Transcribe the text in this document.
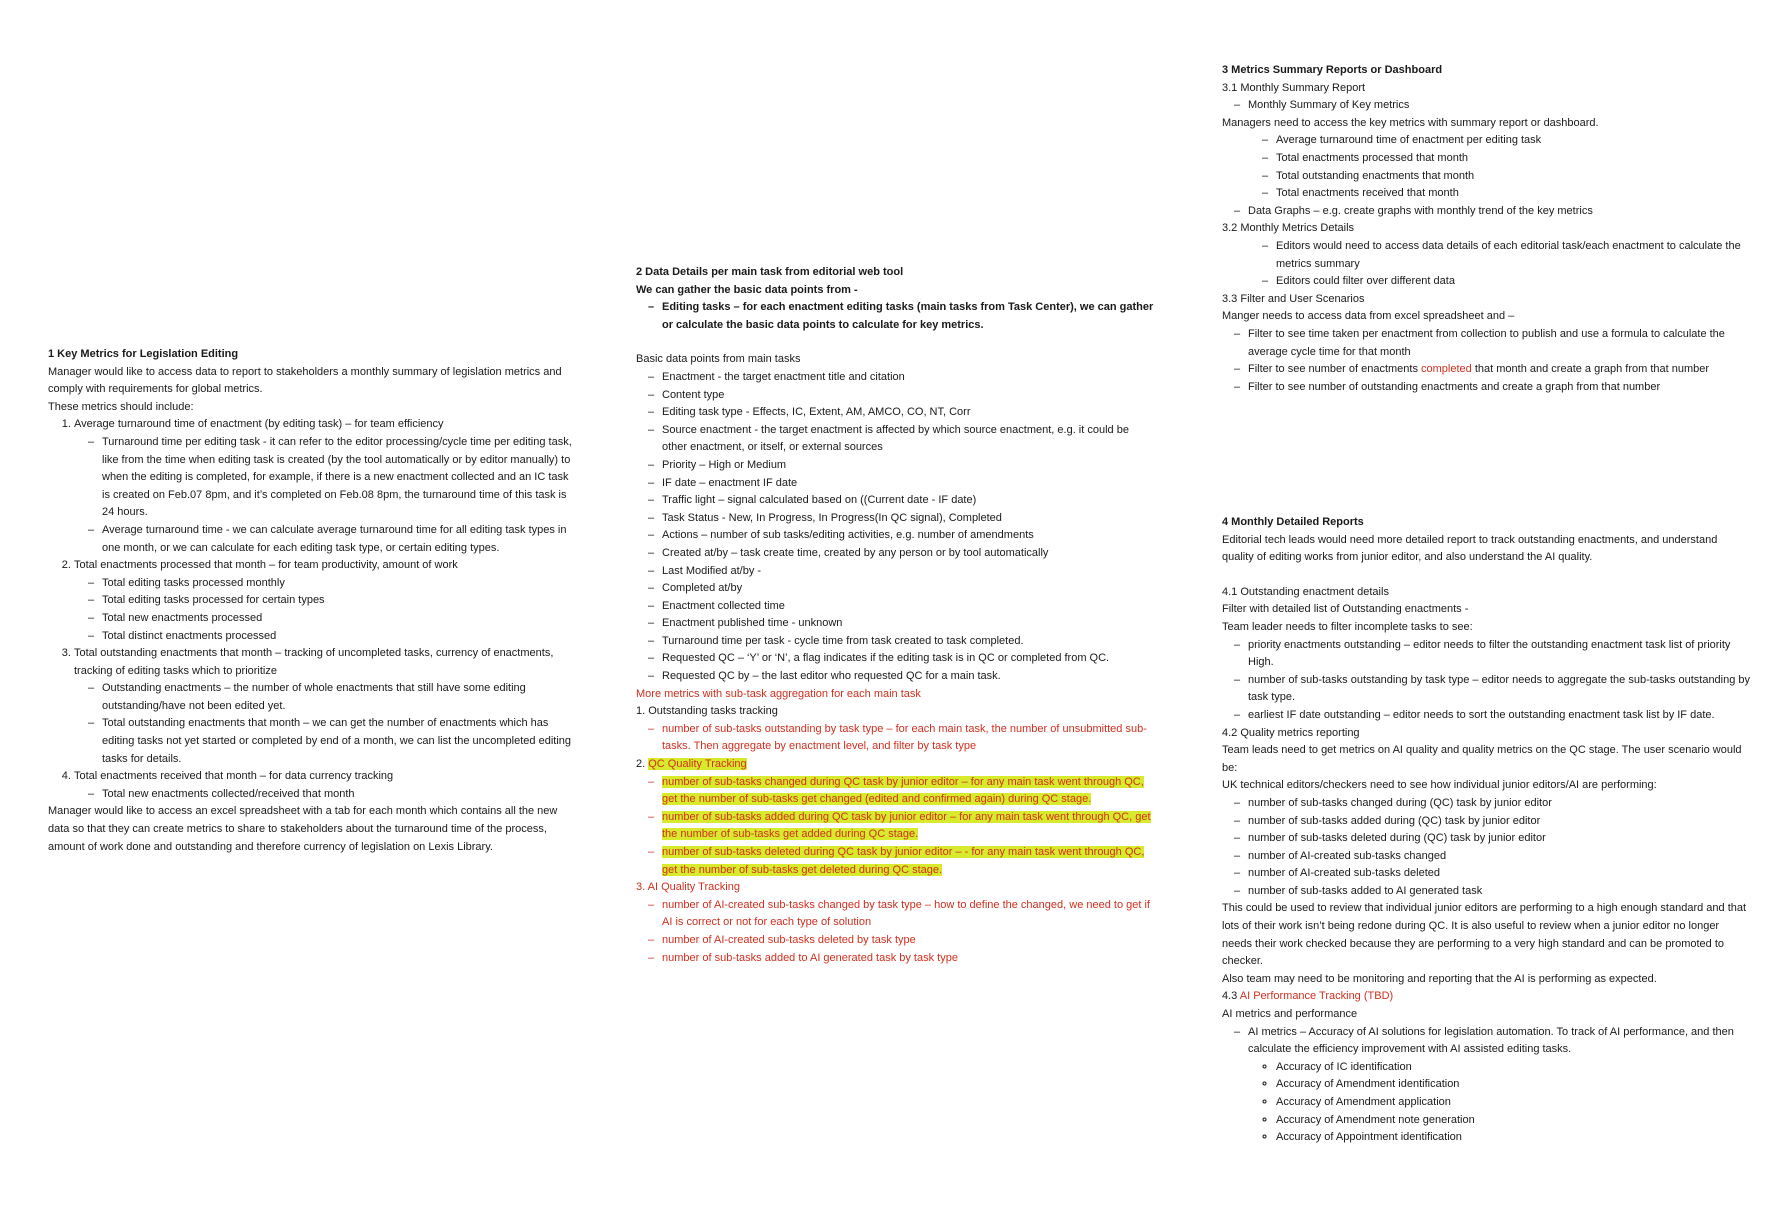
1 Key Metrics for Legislation Editing

Manager would like to access data to report to stakeholders a monthly summary of legislation metrics and comply with requirements for global metrics.

These metrics should include:

1. Average turnaround time of enactment (by editing task) – for team efficiency
– Turnaround time per editing task - it can refer to the editor processing/cycle time per editing task, like from the time when editing task is created (by the tool automatically or by editor manually) to when the editing is completed, for example, if there is a new enactment collected and an IC task is created on Feb.07 8pm, and it’s completed on Feb.08 8pm, the turnaround time of this task is 24 hours.
– Average turnaround time - we can calculate average turnaround time for all editing task types in one month, or we can calculate for each editing task type, or certain editing types.
2. Total enactments processed that month – for team productivity, amount of work
– Total editing tasks processed monthly
– Total editing tasks processed for certain types
– Total new enactments processed
– Total distinct enactments processed
3. Total outstanding enactments that month – tracking of uncompleted tasks, currency of enactments, tracking of editing tasks which to prioritize
– Outstanding enactments – the number of whole enactments that still have some editing outstanding/have not been edited yet.
– Total outstanding enactments that month – we can get the number of enactments which has editing tasks not yet started or completed by end of a month, we can list the uncompleted editing tasks for details.
4. Total enactments received that month – for data currency tracking
– Total new enactments collected/received that month

Manager would like to access an excel spreadsheet with a tab for each month which contains all the new data so that they can create metrics to share to stakeholders about the turnaround time of the process, amount of work done and outstanding and therefore currency of legislation on Lexis Library.

2 Data Details per main task from editorial web tool
We can gather the basic data points from -
– Editing tasks – for each enactment editing tasks (main tasks from Task Center), we can gather or calculate the basic data points to calculate for key metrics.

Basic data points from main tasks

– Enactment - the target enactment title and citation
– Content type
– Editing task type - Effects, IC, Extent, AM, AMCO, CO, NT, Corr
– Source enactment - the target enactment is affected by which source enactment, e.g. it could be other enactment, or itself, or external sources
– Priority – High or Medium
– IF date – enactment IF date
– Traffic light – signal calculated based on ((Current date - IF date)
– Task Status - New, In Progress, In Progress(In QC signal), Completed
– Actions – number of sub tasks/editing activities, e.g. number of amendments
– Created at/by – task create time, created by any person or by tool automatically
– Last Modified at/by -
– Completed at/by
– Enactment collected time
– Enactment published time - unknown
– Turnaround time per task - cycle time from task created to task completed.
– Requested QC – ‘Y’ or ‘N’, a flag indicates if the editing task is in QC or completed from QC.
– Requested QC by – the last editor who requested QC for a main task.

More metrics with sub-task aggregation for each main task

1. Outstanding tasks tracking

– number of sub-tasks outstanding by task type – for each main task, the number of unsubmitted sub-tasks. Then aggregate by enactment level, and filter by task type

2. QC Quality Tracking

– number of sub-tasks changed during QC task by junior editor – for any main task went through QC, get the number of sub-tasks get changed (edited and confirmed again) during QC stage.
– number of sub-tasks added during QC task by junior editor – for any main task went through QC, get the number of sub-tasks get added during QC stage.
– number of sub-tasks deleted during QC task by junior editor – - for any main task went through QC, get the number of sub-tasks get deleted during QC stage.

3. AI Quality Tracking

– number of AI-created sub-tasks changed by task type – how to define the changed, we need to get if AI is correct or not for each type of solution
– number of AI-created sub-tasks deleted by task type
– number of sub-tasks added to AI generated task by task type
3 Metrics Summary Reports or Dashboard

3.1 Monthly Summary Report

– Monthly Summary of Key metrics

Managers need to access the key metrics with summary report or dashboard.

– Average turnaround time of enactment per editing task
– Total enactments processed that month
– Total outstanding enactments that month
– Total enactments received that month
– Data Graphs – e.g. create graphs with monthly trend of the key metrics

3.2 Monthly Metrics Details

– Editors would need to access data details of each editorial task/each enactment to calculate the metrics summary
– Editors could filter over different data

3.3 Filter and User Scenarios

Manger needs to access data from excel spreadsheet and –

– Filter to see time taken per enactment from collection to publish and use a formula to calculate the average cycle time for that month
– Filter to see number of enactments completed that month and create a graph from that number
– Filter to see number of outstanding enactments and create a graph from that number
4 Monthly Detailed Reports

Editorial tech leads would need more detailed report to track outstanding enactments, and understand quality of editing works from junior editor, and also understand the AI quality.

4.1 Outstanding enactment details

Filter with detailed list of Outstanding enactments -

Team leader needs to filter incomplete tasks to see:

– priority enactments outstanding – editor needs to filter the outstanding enactment task list of priority High.
– number of sub-tasks outstanding by task type – editor needs to aggregate the sub-tasks outstanding by task type.
– earliest IF date outstanding – editor needs to sort the outstanding enactment task list by IF date.

4.2 Quality metrics reporting

Team leads need to get metrics on AI quality and quality metrics on the QC stage. The user scenario would be:

UK technical editors/checkers need to see how individual junior editors/AI are performing:

– number of sub-tasks changed during (QC) task by junior editor
– number of sub-tasks added during (QC) task by junior editor
– number of sub-tasks deleted during (QC) task by junior editor
– number of AI-created sub-tasks changed
– number of AI-created sub-tasks deleted
– number of sub-tasks added to AI generated task

This could be used to review that individual junior editors are performing to a high enough standard and that lots of their work isn’t being redone during QC. It is also useful to review when a junior editor no longer needs their work checked because they are performing to a very high standard and can be promoted to checker.

Also team may need to be monitoring and reporting that the AI is performing as expected.

4.3 AI Performance Tracking (TBD)

AI metrics and performance

– AI metrics – Accuracy of AI solutions for legislation automation. To track of AI performance, and then calculate the efficiency improvement with AI assisted editing tasks.
◦ Accuracy of IC identification
◦ Accuracy of Amendment identification
◦ Accuracy of Amendment application
◦ Accuracy of Amendment note generation
◦ Accuracy of Appointment identification
